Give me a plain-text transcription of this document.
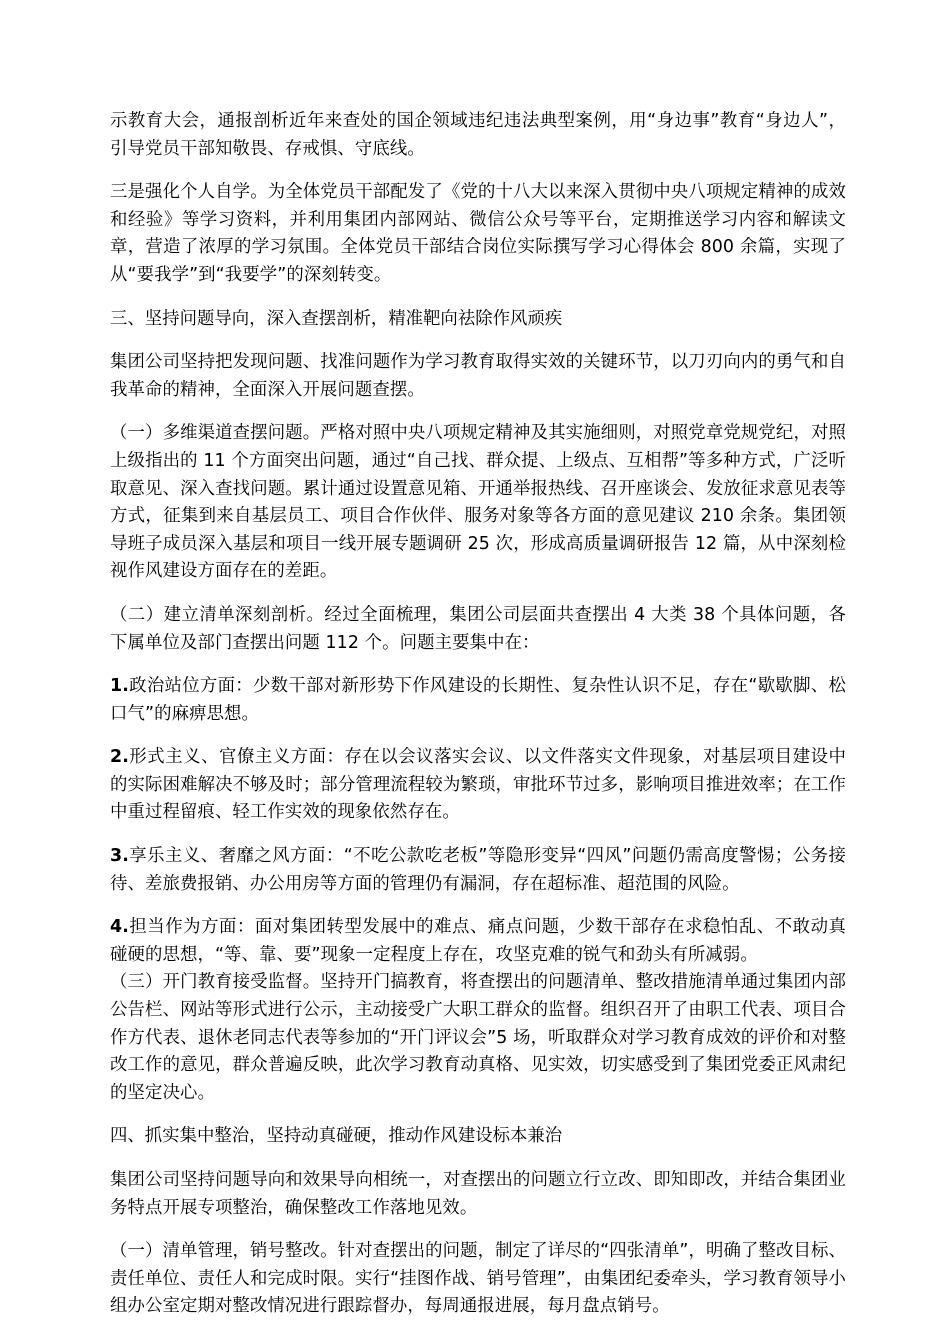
示教育大会，通报剖析近年来查处的国企领域违纪违法典型案例，用“身边事”教育“身边人”，引导党员干部知敬畏、存戒惧、守底线。

三是强化个人自学。为全体党员干部配发了《党的十八大以来深入贯彻中央八项规定精神的成效和经验》等学习资料，并利用集团内部网站、微信公众号等平台，定期推送学习内容和解读文章，营造了浓厚的学习氛围。全体党员干部结合岗位实际撰写学习心得体会 800 余篇，实现了从“要我学”到“我要学”的深刻转变。

三、坚持问题导向，深入查摆剖析，精准靶向祛除作风顽疾

集团公司坚持把发现问题、找准问题作为学习教育取得实效的关键环节，以刀刃向内的勇气和自我革命的精神，全面深入开展问题查摆。

（一）多维渠道查摆问题。严格对照中央八项规定精神及其实施细则，对照党章党规党纪，对照上级指出的 11 个方面突出问题，通过“自己找、群众提、上级点、互相帮”等多种方式，广泛听取意见、深入查找问题。累计通过设置意见箱、开通举报热线、召开座谈会、发放征求意见表等方式，征集到来自基层员工、项目合作伙伴、服务对象等各方面的意见建议 210 余条。集团领导班子成员深入基层和项目一线开展专题调研 25 次，形成高质量调研报告 12 篇，从中深刻检视作风建设方面存在的差距。

（二）建立清单深刻剖析。经过全面梳理，集团公司层面共查摆出 4 大类 38 个具体问题，各下属单位及部门查摆出问题 112 个。问题主要集中在：

1.政治站位方面：少数干部对新形势下作风建设的长期性、复杂性认识不足，存在“歇歇脚、松口气”的麻痹思想。

2.形式主义、官僚主义方面：存在以会议落实会议、以文件落实文件现象，对基层项目建设中的实际困难解决不够及时；部分管理流程较为繁琐，审批环节过多，影响项目推进效率；在工作中重过程留痕、轻工作实效的现象依然存在。

3.享乐主义、奢靡之风方面：“不吃公款吃老板”等隐形变异“四风”问题仍需高度警惕；公务接待、差旅费报销、办公用房等方面的管理仍有漏洞，存在超标准、超范围的风险。

4.担当作为方面：面对集团转型发展中的难点、痛点问题，少数干部存在求稳怕乱、不敢动真碰硬的思想，“等、靠、要”现象一定程度上存在，攻坚克难的锐气和劲头有所减弱。

（三）开门教育接受监督。坚持开门搞教育，将查摆出的问题清单、整改措施清单通过集团内部公告栏、网站等形式进行公示，主动接受广大职工群众的监督。组织召开了由职工代表、项目合作方代表、退休老同志代表等参加的“开门评议会”5 场，听取群众对学习教育成效的评价和对整改工作的意见，群众普遍反映，此次学习教育动真格、见实效，切实感受到了集团党委正风肃纪的坚定决心。

四、抓实集中整治，坚持动真碰硬，推动作风建设标本兼治

集团公司坚持问题导向和效果导向相统一，对查摆出的问题立行立改、即知即改，并结合集团业务特点开展专项整治，确保整改工作落地见效。

（一）清单管理，销号整改。针对查摆出的问题，制定了详尽的“四张清单”，明确了整改目标、责任单位、责任人和完成时限。实行“挂图作战、销号管理”，由集团纪委牵头，学习教育领导小组办公室定期对整改情况进行跟踪督办，每周通报进展，每月盘点销号。
